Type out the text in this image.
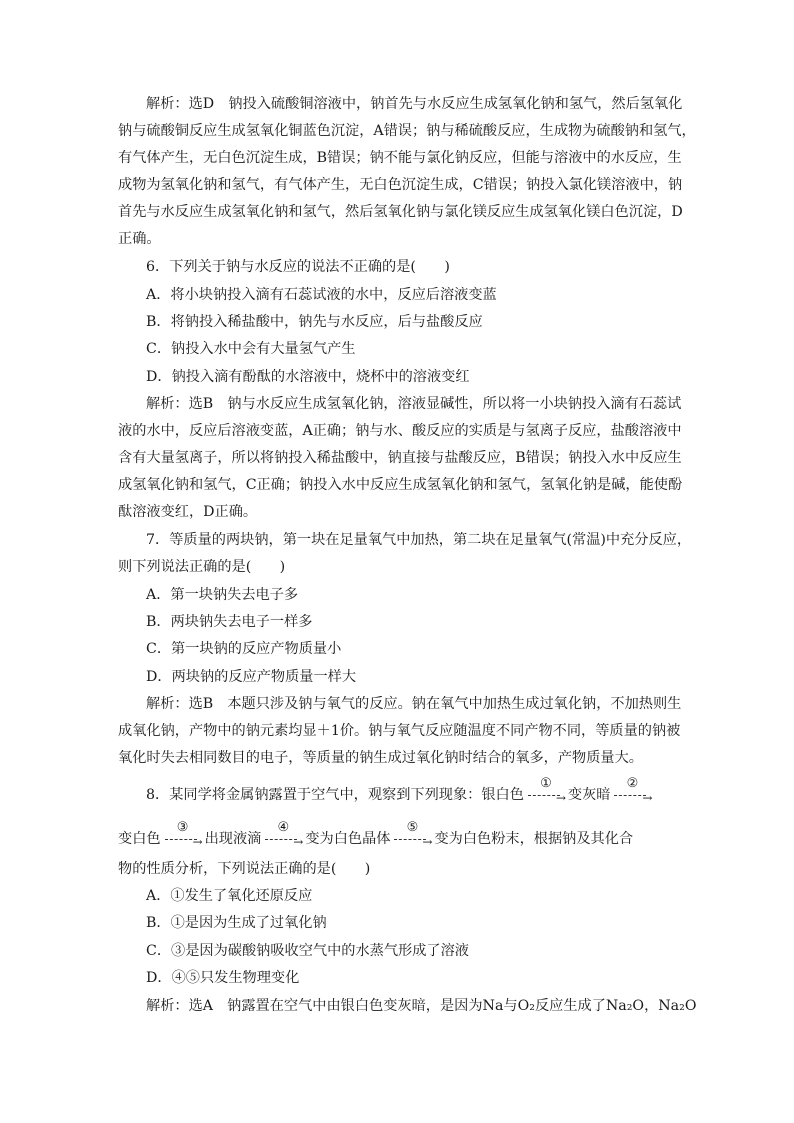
解析：选D　钠投入硫酸铜溶液中，钠首先与水反应生成氢氧化钠和氢气，然后氢氧化
钠与硫酸铜反应生成氢氧化铜蓝色沉淀，A错误；钠与稀硫酸反应，生成物为硫酸钠和氢气，
有气体产生，无白色沉淀生成，B错误；钠不能与氯化钠反应，但能与溶液中的水反应，生
成物为氢氧化钠和氢气，有气体产生，无白色沉淀生成，C错误；钠投入氯化镁溶液中，钠
首先与水反应生成氢氧化钠和氢气，然后氢氧化钠与氯化镁反应生成氢氧化镁白色沉淀，D
正确。
6．下列关于钠与水反应的说法不正确的是(　　)
A．将小块钠投入滴有石蕊试液的水中，反应后溶液变蓝
B．将钠投入稀盐酸中，钠先与水反应，后与盐酸反应
C．钠投入水中会有大量氢气产生
D．钠投入滴有酚酞的水溶液中，烧杯中的溶液变红
解析：选B　钠与水反应生成氢氧化钠，溶液显碱性，所以将一小块钠投入滴有石蕊试
液的水中，反应后溶液变蓝，A正确；钠与水、酸反应的实质是与氢离子反应，盐酸溶液中
含有大量氢离子，所以将钠投入稀盐酸中，钠直接与盐酸反应，B错误；钠投入水中反应生
成氢氧化钠和氢气，C正确；钠投入水中反应生成氢氧化钠和氢气，氢氧化钠是碱，能使酚
酞溶液变红，D正确。
7．等质量的两块钠，第一块在足量氧气中加热，第二块在足量氧气(常温)中充分反应，
则下列说法正确的是(　　)
A．第一块钠失去电子多
B．两块钠失去电子一样多
C．第一块钠的反应产物质量小
D．两块钠的反应产物质量一样大
解析：选B　本题只涉及钠与氧气的反应。钠在氧气中加热生成过氧化钠，不加热则生
成氧化钠，产物中的钠元素均显＋1价。钠与氧气反应随温度不同产物不同，等质量的钠被
氧化时失去相同数目的电子，等质量的钠生成过氧化钠时结合的氧多，产物质量大。
8．某同学将金属钠露置于空气中，观察到下列现象：银白色
①
→ 变灰暗
②
→
变白色
③
→ 出现液滴
④
→ 变为白色晶体
⑤
→ 变为白色粉末，根据钠及其化合
物的性质分析，下列说法正确的是(　　)
A．①发生了氧化还原反应
B．①是因为生成了过氧化钠
C．③是因为碳酸钠吸收空气中的水蒸气形成了溶液
D．④⑤只发生物理变化
解析：选A　钠露置在空气中由银白色变灰暗，是因为Na与O₂反应生成了Na₂O，Na₂O
